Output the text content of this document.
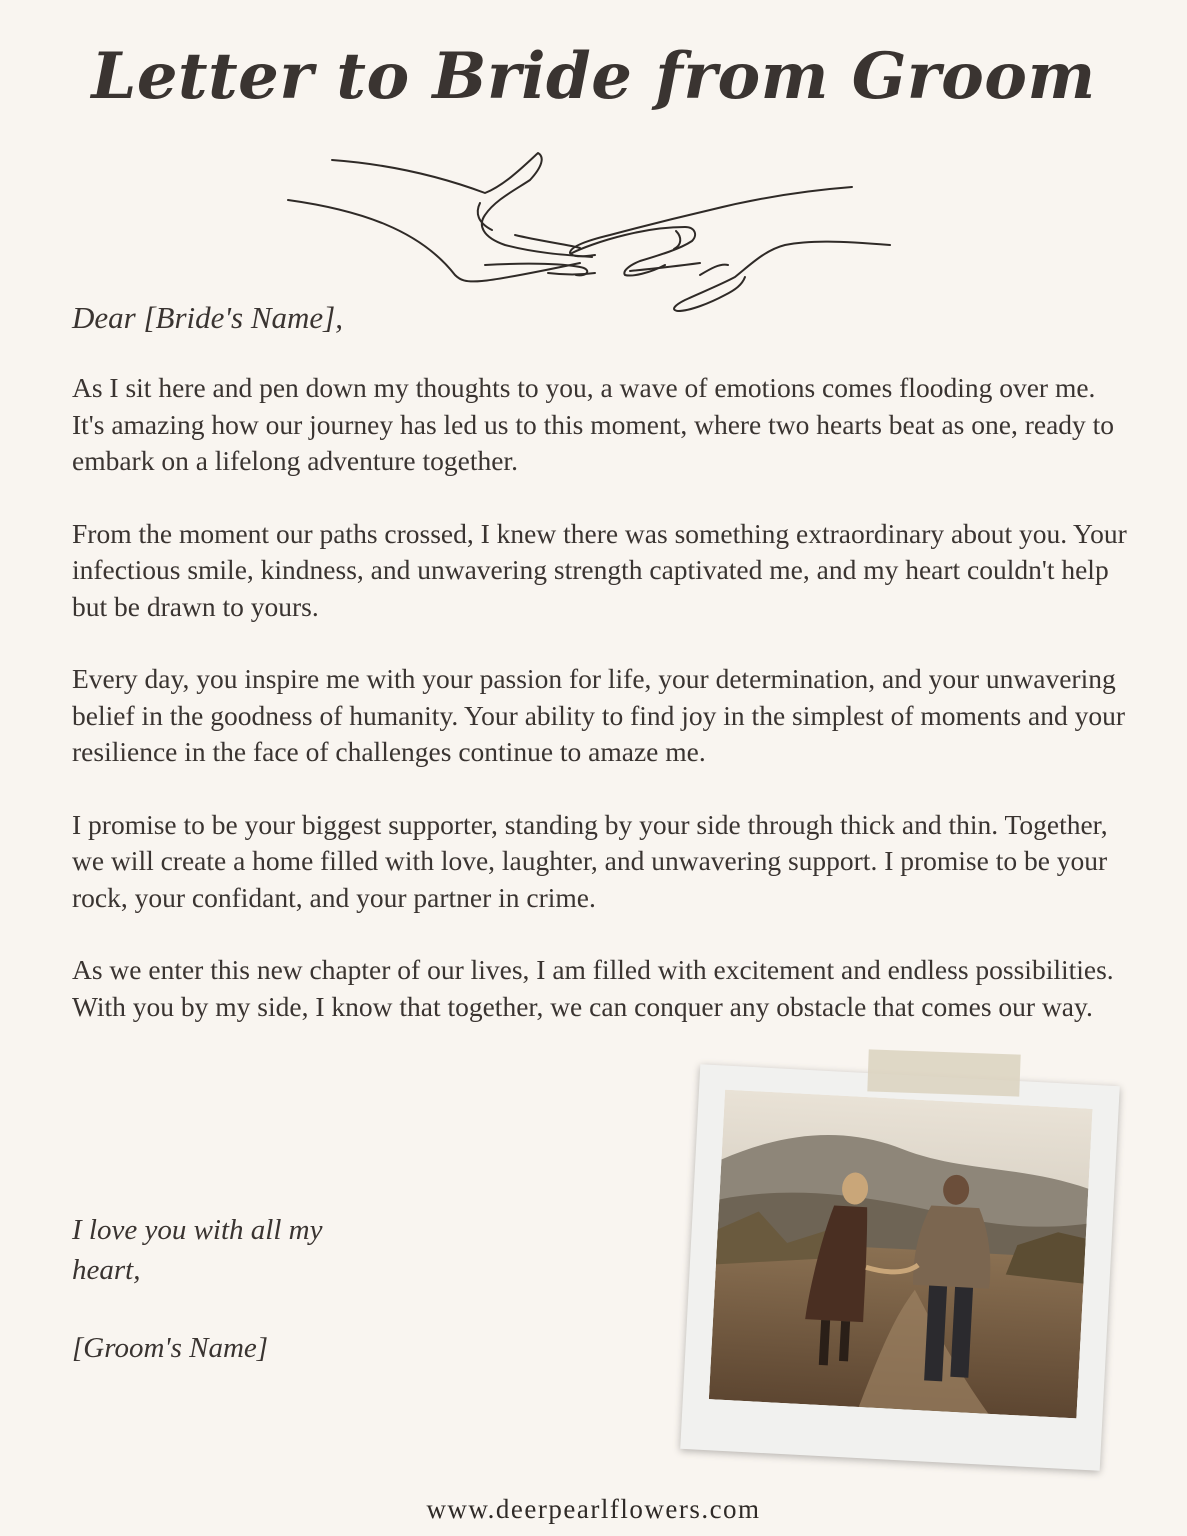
Letter to Bride from Groom

Dear [Bride's Name],

As I sit here and pen down my thoughts to you, a wave of emotions comes flooding over me. It's amazing how our journey has led us to this moment, where two hearts beat as one, ready to embark on a lifelong adventure together.

From the moment our paths crossed, I knew there was something extraordinary about you. Your infectious smile, kindness, and unwavering strength captivated me, and my heart couldn't help but be drawn to yours.

Every day, you inspire me with your passion for life, your determination, and your unwavering belief in the goodness of humanity. Your ability to find joy in the simplest of moments and your resilience in the face of challenges continue to amaze me.

I promise to be your biggest supporter, standing by your side through thick and thin. Together, we will create a home filled with love, laughter, and unwavering support. I promise to be your rock, your confidant, and your partner in crime.

As we enter this new chapter of our lives, I am filled with excitement and endless possibilities. With you by my side, I know that together, we can conquer any obstacle that comes our way.

I love you with all my heart,

[Groom's Name]

www.deerpearlflowers.com
